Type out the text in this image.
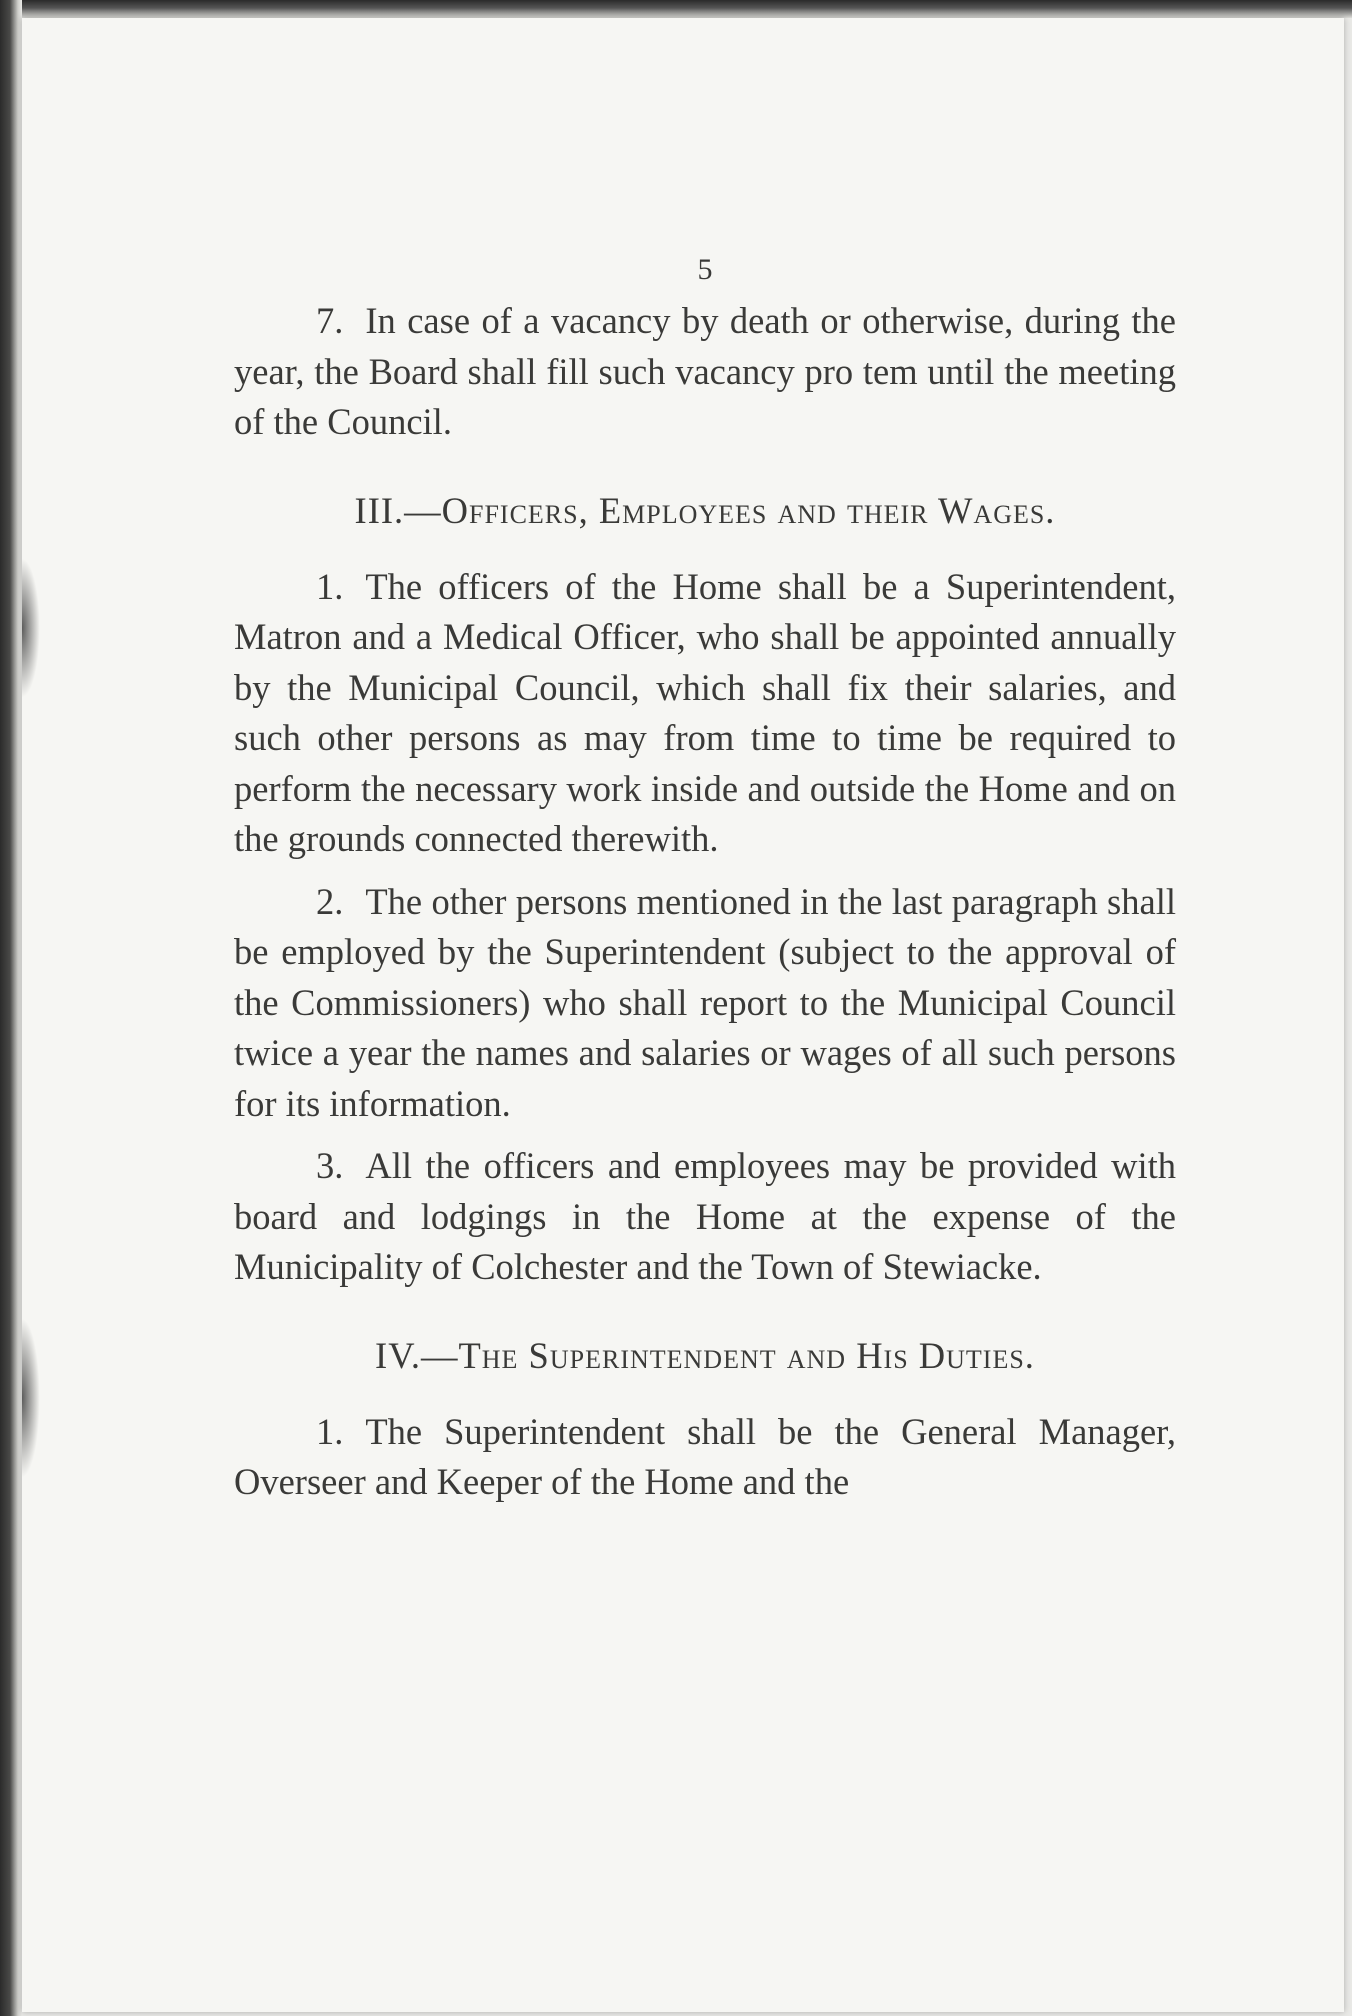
5

7. In case of a vacancy by death or otherwise, during the year, the Board shall fill such vacancy pro tem until the meeting of the Council.

III.—Officers, Employees and their Wages.

1. The officers of the Home shall be a Superintendent, Matron and a Medical Officer, who shall be appointed annually by the Municipal Council, which shall fix their salaries, and such other persons as may from time to time be required to perform the necessary work inside and outside the Home and on the grounds connected therewith.

2. The other persons mentioned in the last paragraph shall be employed by the Superintendent (subject to the approval of the Commissioners) who shall report to the Municipal Council twice a year the names and salaries or wages of all such persons for its information.

3. All the officers and employees may be provided with board and lodgings in the Home at the expense of the Municipality of Colchester and the Town of Stewiacke.

IV.—The Superintendent and His Duties.

1. The Superintendent shall be the General Manager, Overseer and Keeper of the Home and the
